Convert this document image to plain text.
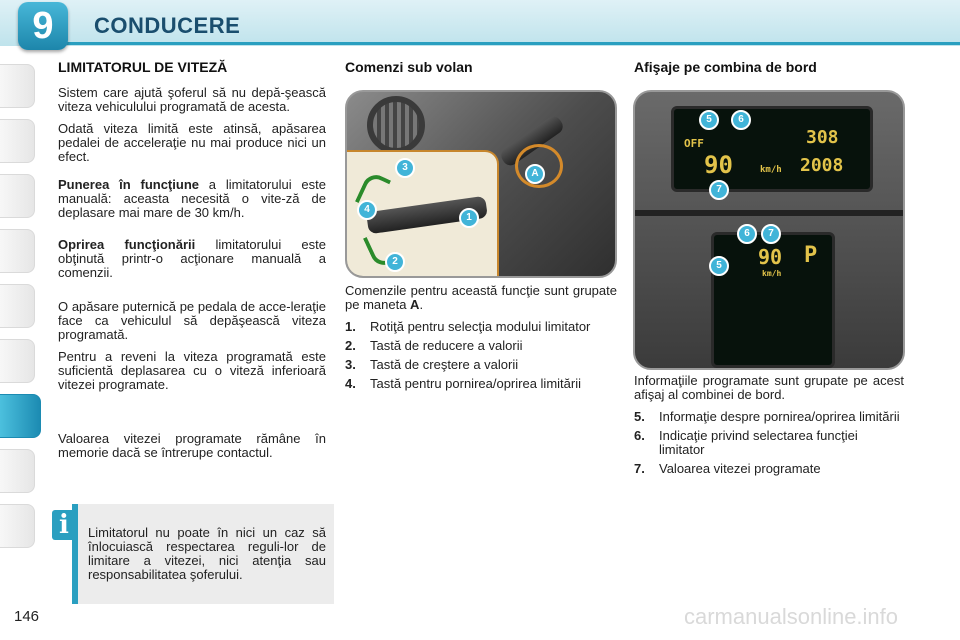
9	CONDUCERE
LIMITATORUL DE VITEZĂ

Sistem care ajută şoferul să nu depă-şească viteza vehiculului programată de acesta.

Odată viteza limită este atinsă, apăsarea pedalei de acceleraţie nu mai produce nici un efect.

Punerea în funcţiune a limitatorului este manuală: aceasta necesită o vite-ză de deplasare mai mare de 30 km/h.

Oprirea funcţionării limitatorului este obţinută printr-o acţionare manuală a comenzii.

O apăsare puternică pe pedala de acce-leraţie face ca vehiculul să depăşească viteza programată.

Pentru a reveni la viteza programată este suficientă deplasarea cu o viteză inferioară vitezei programate.

Valoarea vitezei programate rămâne în memorie dacă se întrerupe contactul.

Limitatorul nu poate în nici un caz să înlocuiască respectarea reguli-lor de limitare a vitezei, nici atenţia sau responsabilitatea şoferului.
i
Comenzi sub volan
1
2
3
4
A

Comenzile pentru această funcţie sunt grupate pe maneta A.

1.	Rotiţă pentru selecţia modului limitator
2.	Tastă de reducere a valorii
3.	Tastă de creştere a valorii
4.	Tastă pentru pornirea/oprirea limitării
Afişaje pe combina de bord
OFF
90	km/h
308
2008
90
km/h
P
5	6
7
6	7
5

Informaţiile programate sunt grupate pe acest afişaj al combinei de bord.

5.	Informaţie despre pornirea/oprirea limitării
6.	Indicaţie privind selectarea funcţiei limitator
7.	Valoarea vitezei programate
146	carmanualsonline.info
